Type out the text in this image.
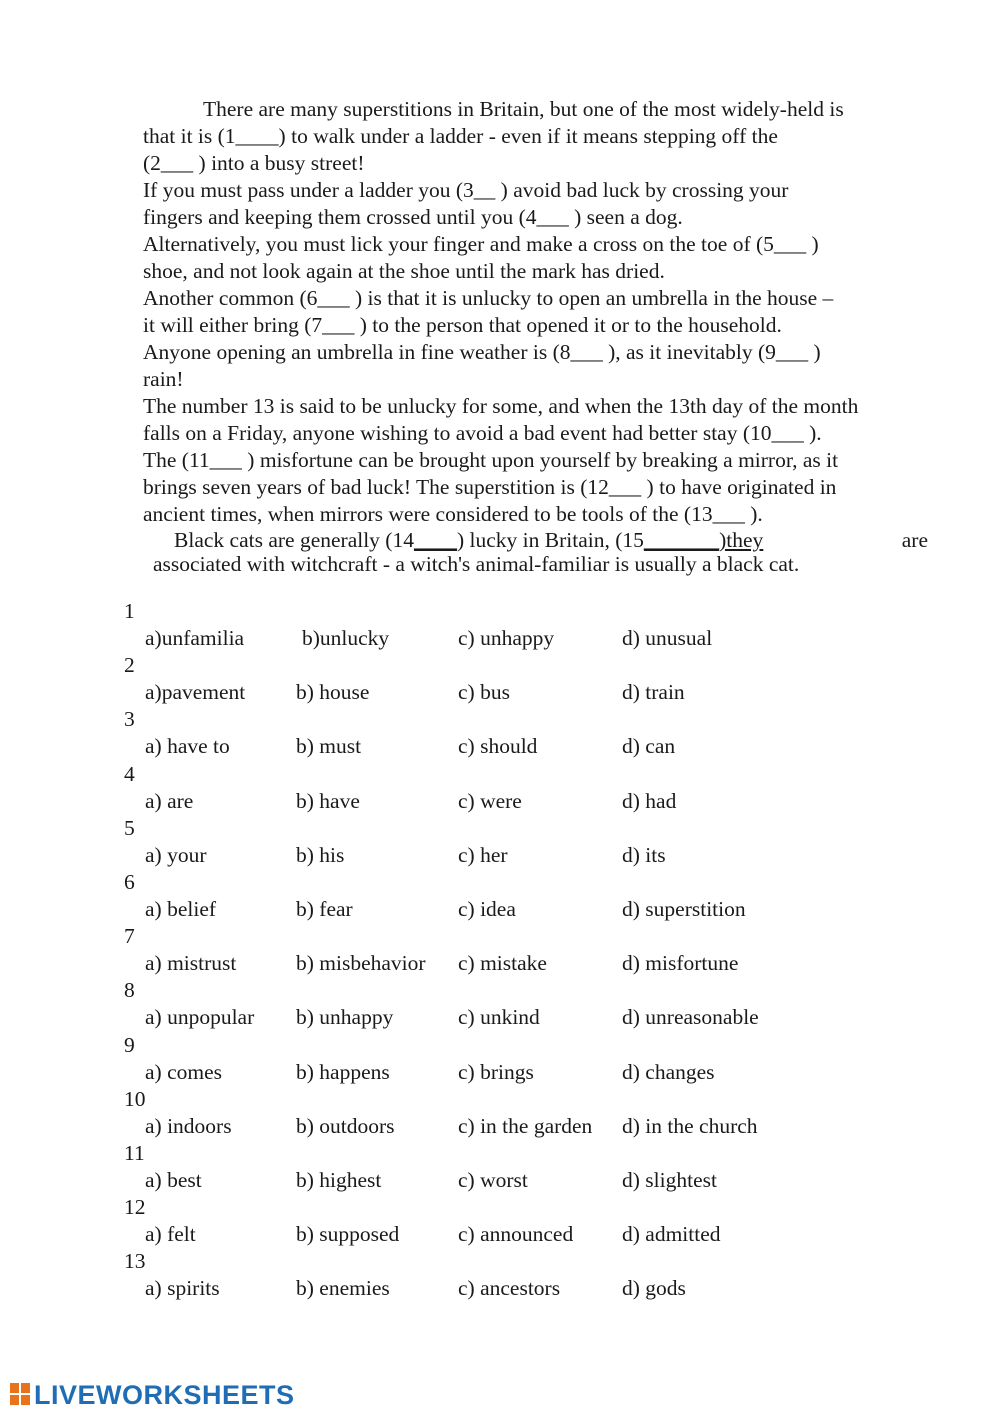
There are many superstitions in Britain, but one of the most widely-held is
that it is (1____) to walk under a ladder - even if it means stepping off the
(2___ ) into a busy street!
If you must pass under a ladder you (3__ ) avoid bad luck by crossing your
fingers and keeping them crossed until you (4___ ) seen a dog.
Alternatively, you must lick your finger and make a cross on the toe of (5___ )
shoe, and not look again at the shoe until the mark has dried.
Another common (6___ ) is that it is unlucky to open an umbrella in the house –
it will either bring (7___ ) to the person that opened it or to the household.
Anyone opening an umbrella in fine weather is (8___ ), as it inevitably (9___ )
rain!
The number 13 is said to be unlucky for some, and when the 13th day of the month
falls on a Friday, anyone wishing to avoid a bad event had better stay (10___ ).
The (11___ ) misfortune can be brought upon yourself by breaking a mirror, as it
brings seven years of bad luck! The superstition is (12___ ) to have originated in
ancient times, when mirrors were considered to be tools of the (13___ ).
Black cats are generally (14____) lucky in Britain, (15_______)they	are
associated with witchcraft - a witch's animal-familiar is usually a black cat.
1
a)unfamilia	b)unlucky	c) unhappy	d) unusual
2
a)pavement b) house	c) bus	d) train
3
a) have to	b) must	c) should	d) can
4
a) are	b) have	c) were	d) had
5
a) your	b) his	c) her	d) its
6
a) belief	b) fear	c) idea	d) superstition
7
a) mistrust	b) misbehavior c) mistake	d) misfortune
8
a) unpopular b) unhappy	c) unkind	d) unreasonable
9
a) comes	b) happens	c) brings	d) changes
10
a) indoors	b) outdoors	c) in the garden d) in the church
11
a) best	b) highest	c) worst	d) slightest
12
a) felt	b) supposed	c) announced d) admitted
13
a) spirits	b) enemies	c) ancestors	d) gods
LIVEWORKSHEETS
